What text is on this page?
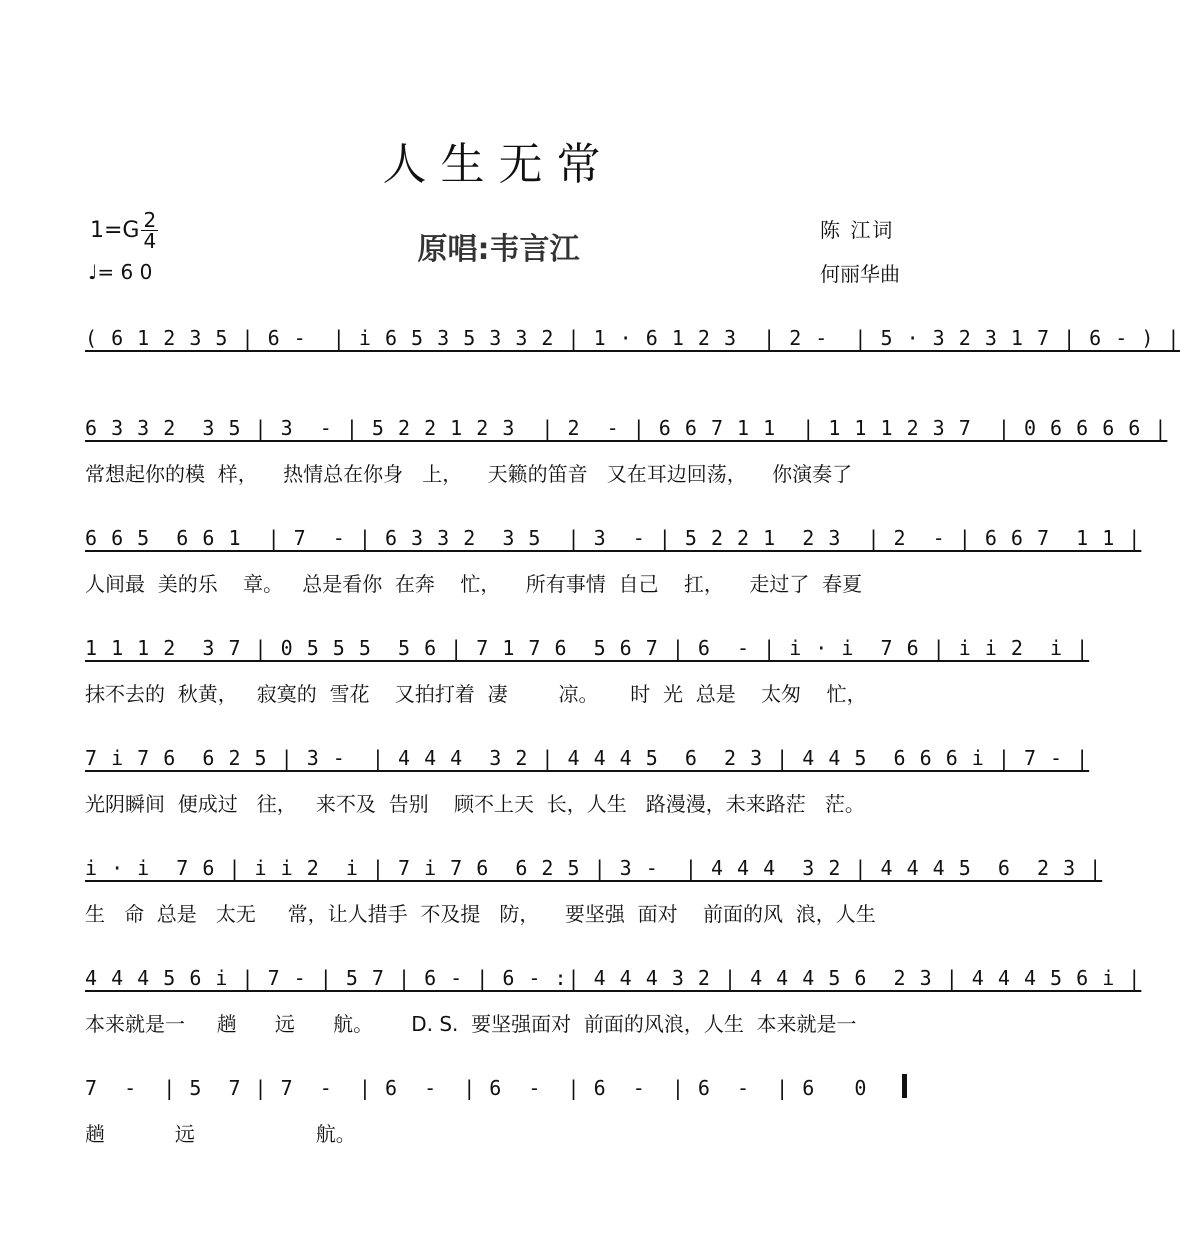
人生无常
1=G 2
4
♩= 6 0
原唱:韦言江
陈 江词
何丽华曲
( 6 1 2 3 5 | 6 -  | i 6 5 3 5 3 3 2 | 1 · 6 1 2 3  | 2 -  | 5 · 3 2 3 1 7 | 6 - ) |
6 3 3 2  3 5 | 3  - | 5 2 2 1 2 3  | 2  - | 6 6 7 1 1  | 1 1 1 2 3 7  | 0 6 6 6 6 |
常想起你的模  样，    热情总在你身   上，    天籁的笛音   又在耳边回荡，    你演奏了
6 6 5  6 6 1  | 7  - | 6 3 3 2  3 5  | 3  - | 5 2 2 1  2 3  | 2  - | 6 6 7  1 1 |
人间最  美的乐    章。   总是看你  在奔    忙，    所有事情  自己    扛，    走过了  春夏
1 1 1 2  3 7 | 0 5 5 5  5 6 | 7 1 7 6  5 6 7 | 6  - | i · i  7 6 | i i 2  i |
抹不去的  秋黄，   寂寞的  雪花    又拍打着  凄        凉。     时  光  总是    太匆    忙，
7 i 7 6  6 2 5 | 3 -  | 4 4 4  3 2 | 4 4 4 5  6  2 3 | 4 4 5  6 6 6 i | 7 - |
光阴瞬间  便成过   往，   来不及  告别    顾不上天  长，人生   路漫漫，未来路茫   茫。
i · i  7 6 | i i 2  i | 7 i 7 6  6 2 5 | 3 -  | 4 4 4  3 2 | 4 4 4 5  6  2 3 |
生   命  总是   太无     常，让人措手  不及提   防，    要坚强  面对    前面的风  浪，人生
4 4 4 5 6 i | 7 - | 5 7 | 6 - | 6 - :| 4 4 4 3 2 | 4 4 4 5 6  2 3 | 4 4 4 5 6 i |
本来就是一     趟      远      航。      D. S.  要坚强面对  前面的风浪，人生  本来就是一
7  -  | 5  7 | 7  -  | 6  -  | 6  -  | 6  -  | 6  -  | 6   0
趟           远                   航。
